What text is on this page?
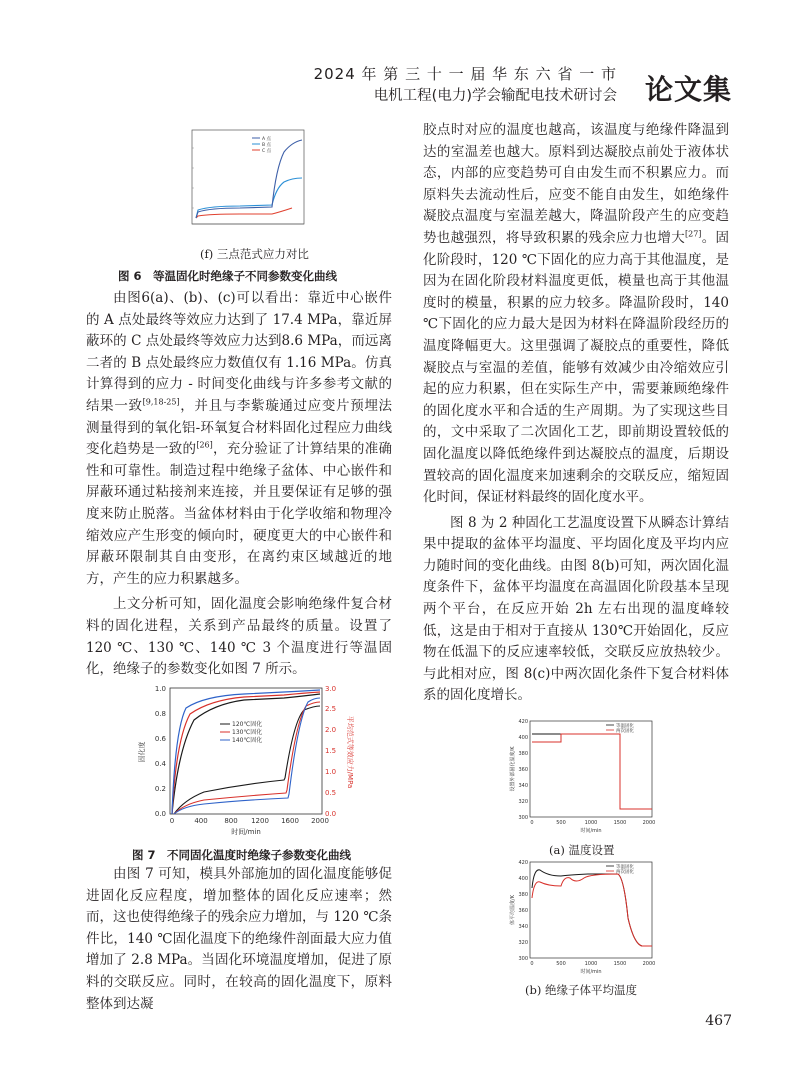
2024 年 第 三 十 一 届 华 东 六 省 一 市
电机工程(电力)学会输配电技术研讨会 论文集
A 点
B 点
C 点
(f) 三点范式应力对比
图 6　等温固化时绝缘子不同参数变化曲线

由图6(a)、(b)、(c)可以看出：靠近中心嵌件的 A 点处最终等效应力达到了 17.4 MPa，靠近屏蔽环的 C 点处最终等效应力达到8.6 MPa，而远离二者的 B 点处最终应力数值仅有 1.16 MPa。仿真计算得到的应力 - 时间变化曲线与许多参考文献的结果一致[9,18-25]，并且与李紫璇通过应变片预埋法测量得到的氧化铝-环氧复合材料固化过程应力曲线变化趋势是一致的[26]，充分验证了计算结果的准确性和可靠性。制造过程中绝缘子盆体、中心嵌件和屏蔽环通过粘接剂来连接，并且要保证有足够的强度来防止脱落。当盆体材料由于化学收缩和物理冷缩效应产生形变的倾向时，硬度更大的中心嵌件和屏蔽环限制其自由变形，在离约束区域越近的地方，产生的应力积累越多。

上文分析可知，固化温度会影响绝缘件复合材料的固化进程，关系到产品最终的质量。设置了 120 ℃、130 ℃、140 ℃ 3 个温度进行等温固化，绝缘子的参数变化如图 7 所示。

0.0
0.2
0.4
0.6
0.8
1.0
0.0
0.5
1.0
1.5
2.0
2.5
3.0
0	400 800 1200 1600 2000
时间/min
固化度	平均范式等效应力/MPa
120℃固化
130℃固化
140℃固化
图 7　不同固化温度时绝缘子参数变化曲线

由图 7 可知，模具外部施加的固化温度能够促进固化反应程度，增加整体的固化反应速率；然而，这也使得绝缘子的残余应力增加，与 120 ℃条件比，140 ℃固化温度下的绝缘件剖面最大应力值增加了 2.8 MPa。当固化环境温度增加，促进了原料的交联反应。同时，在较高的固化温度下，原料整体到达凝

胶点时对应的温度也越高，该温度与绝缘件降温到达的室温差也越大。原料到达凝胶点前处于液体状态，内部的应变趋势可自由发生而不积累应力。而原料失去流动性后，应变不能自由发生，如绝缘件凝胶点温度与室温差越大，降温阶段产生的应变趋势也越强烈，将导致积累的残余应力也增大[27]。固化阶段时，120 ℃下固化的应力高于其他温度，是因为在固化阶段材料温度更低，模量也高于其他温度时的模量，积累的应力较多。降温阶段时，140 ℃下固化的应力最大是因为材料在降温阶段经历的温度降幅更大。这里强调了凝胶点的重要性，降低凝胶点与室温的差值，能够有效减少由冷缩效应引起的应力积累，但在实际生产中，需要兼顾绝缘件的固化度水平和合适的生产周期。为了实现这些目的，文中采取了二次固化工艺，即前期设置较低的固化温度以降低绝缘件到达凝胶点的温度，后期设置较高的固化温度来加速剩余的交联反应，缩短固化时间，保证材料最终的固化度水平。

图 8 为 2 种固化工艺温度设置下从瞬态计算结果中提取的盆体平均温度、平均固化度及平均内应力随时间的变化曲线。由图 8(b)可知，两次固化温度条件下，盆体平均温度在高温固化阶段基本呈现两个平台，在反应开始 2h 左右出现的温度峰较低，这是由于相对于直接从 130℃开始固化，反应物在低温下的反应速率较低，交联反应放热较少。与此相对应，图 8(c)中两次固化条件下复合材料体系的固化度增长。

300
320
340
360
380
400
420
0	500	1000	1500	2000
时间/min
设置外部固化温度/K
等温固化
两次固化
(a) 温度设置
300
320
340
360
380
400
420
0	500	1000	1500	2000
时间/min
体平均温度/K
等温固化
两次固化
(b) 绝缘子体平均温度
467
